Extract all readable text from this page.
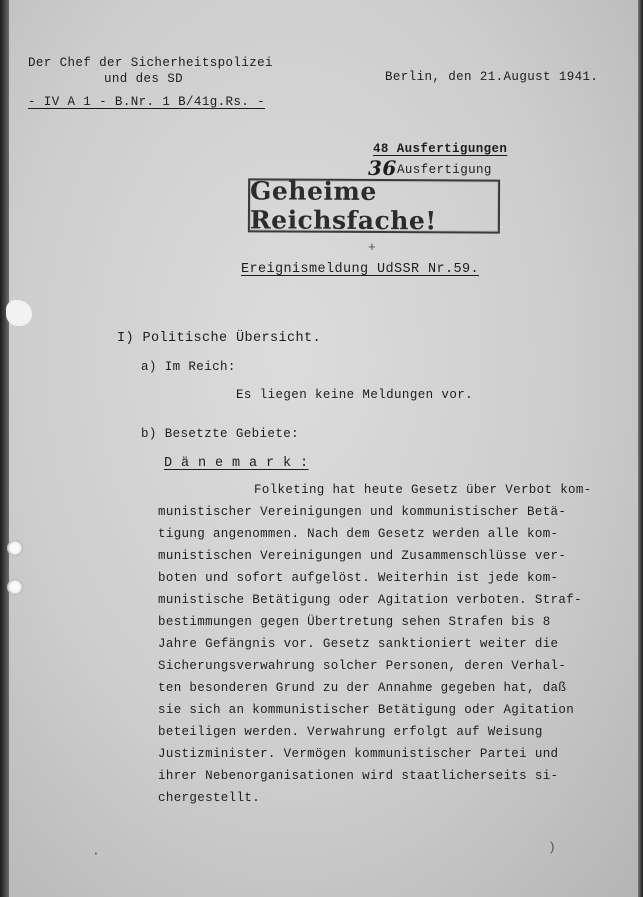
Der Chef der Sicherheitspolizei
und des SD
- IV A 1 - B.Nr. 1 B/41g.Rs. -
Berlin, den 21.August 1941.
48 Ausfertigungen
36 Ausfertigung
Geheime Reichsfache!
Ereignismeldung UdSSR Nr.59.
+
I) Politische Übersicht.
a) Im Reich:
Es liegen keine Meldungen vor.
b) Besetzte Gebiete:
D ä n e m a r k :
Folketing hat heute Gesetz über Verbot kom-
munistischer Vereinigungen und kommunistischer Betä-
tigung angenommen. Nach dem Gesetz werden alle kom-
munistischen Vereinigungen und Zusammenschlüsse ver-
boten und sofort aufgelöst. Weiterhin ist jede kom-
munistische Betätigung oder Agitation verboten. Straf-
bestimmungen gegen Übertretung sehen Strafen bis 8
Jahre Gefängnis vor. Gesetz sanktioniert weiter die
Sicherungsverwahrung solcher Personen, deren Verhal-
ten besonderen Grund zu der Annahme gegeben hat, daß
sie sich an kommunistischer Betätigung oder Agitation
beteiligen werden. Verwahrung erfolgt auf Weisung
Justizminister. Vermögen kommunistischer Partei und
ihrer Nebenorganisationen wird staatlicherseits si-
chergestellt.
)
·
